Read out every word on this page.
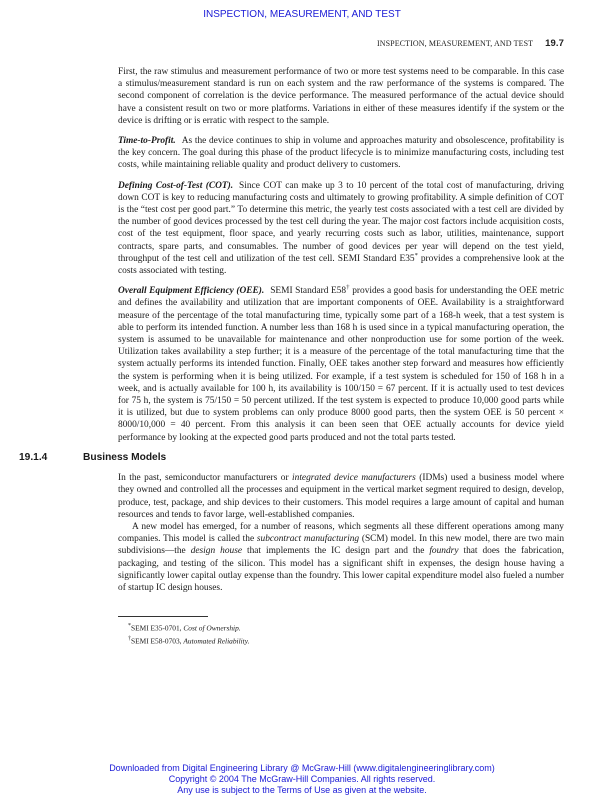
INSPECTION, MEASUREMENT, AND TEST
INSPECTION, MEASUREMENT, AND TEST 19.7

First, the raw stimulus and measurement performance of two or more test systems need to be comparable. In this case a stimulus/measurement standard is run on each system and the raw performance of the systems is compared. The second component of correlation is the device performance. The measured performance of the actual device should have a consistent result on two or more platforms. Variations in either of these measures identify if the system or the device is drifting or is erratic with respect to the sample.

Time-to-Profit. As the device continues to ship in volume and approaches maturity and obsolescence, profitability is the key concern. The goal during this phase of the product lifecycle is to minimize manufacturing costs, including test costs, while maintaining reliable quality and product delivery to customers.

Defining Cost-of-Test (COT). Since COT can make up 3 to 10 percent of the total cost of manufacturing, driving down COT is key to reducing manufacturing costs and ultimately to growing profitability. A simple definition of COT is the “test cost per good part.” To determine this metric, the yearly test costs associated with a test cell are divided by the number of good devices processed by the test cell during the year. The major cost factors include acquisition costs, cost of the test equipment, floor space, and yearly recurring costs such as labor, utilities, maintenance, support contracts, spare parts, and consumables. The number of good devices per year will depend on the test yield, throughput of the test cell and utilization of the test cell. SEMI Standard E35* provides a comprehensive look at the costs associated with testing.

Overall Equipment Efficiency (OEE). SEMI Standard E58† provides a good basis for understanding the OEE metric and defines the availability and utilization that are important components of OEE. Availability is a straightforward measure of the percentage of the total manufacturing time, typically some part of a 168-h week, that a test system is able to perform its intended function. A number less than 168 h is used since in a typical manufacturing operation, the system is assumed to be unavailable for maintenance and other nonproduction use for some portion of the week. Utilization takes availability a step further; it is a measure of the percentage of the total manufacturing time that the system actually performs its intended function. Finally, OEE takes another step forward and measures how efficiently the system is performing when it is being utilized. For example, if a test system is scheduled for 150 of 168 h in a week, and is actually available for 100 h, its availability is 100/150 = 67 percent. If it is actually used to test devices for 75 h, the system is 75/150 = 50 percent utilized. If the test system is expected to produce 10,000 good parts while it is utilized, but due to system problems can only produce 8000 good parts, then the system OEE is 50 percent × 8000/10,000 = 40 percent. From this analysis it can been seen that OEE actually accounts for device yield performance by looking at the expected good parts produced and not the total parts tested.

19.1.4	Business Models

In the past, semiconductor manufacturers or integrated device manufacturers (IDMs) used a business model where they owned and controlled all the processes and equipment in the vertical market segment required to design, develop, produce, test, package, and ship devices to their customers. This model requires a large amount of capital and human resources and tends to favor large, well-established companies.

A new model has emerged, for a number of reasons, which segments all these different operations among many companies. This model is called the subcontract manufacturing (SCM) model. In this new model, there are two main subdivisions—the design house that implements the IC design part and the foundry that does the fabrication, packaging, and testing of the silicon. This model has a significant shift in expenses, the design house having a significantly lower capital outlay expense than the foundry. This lower capital expenditure model also fueled a number of startup IC design houses.

*SEMI E35-0701, Cost of Ownership.
†SEMI E58-0703, Automated Reliability.
Downloaded from Digital Engineering Library @ McGraw-Hill (www.digitalengineeringlibrary.com)
Copyright © 2004 The McGraw-Hill Companies. All rights reserved.
Any use is subject to the Terms of Use as given at the website.
